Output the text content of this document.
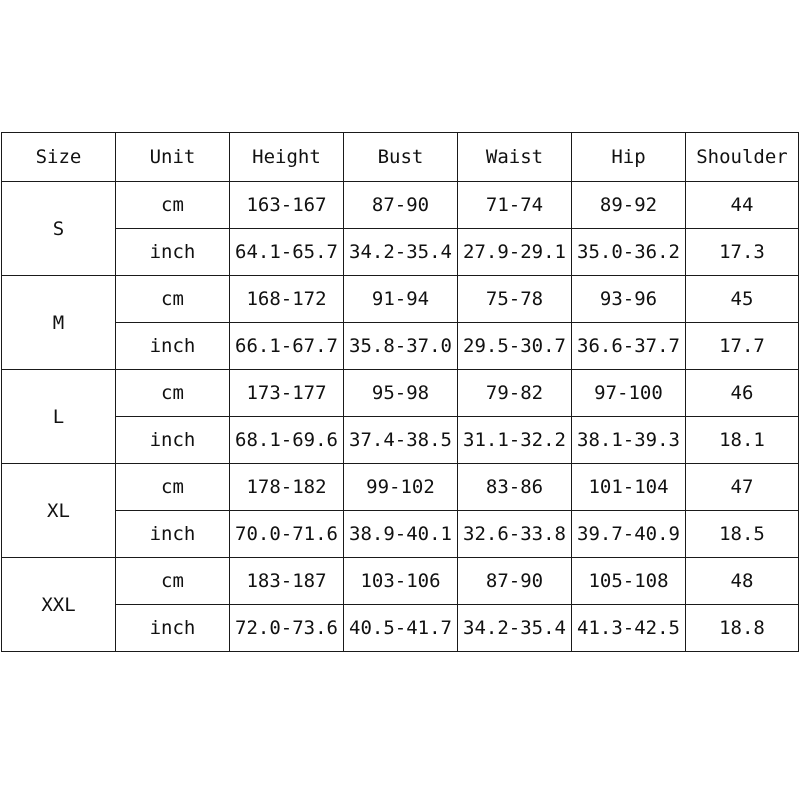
Size	Unit	Height	Bust	Waist	Hip	Shoulder
S	cm	163-167	87-90	71-74	89-92	44
	inch	64.1-65.7	34.2-35.4	27.9-29.1	35.0-36.2	17.3
M	cm	168-172	91-94	75-78	93-96	45
	inch	66.1-67.7	35.8-37.0	29.5-30.7	36.6-37.7	17.7
L	cm	173-177	95-98	79-82	97-100	46
	inch	68.1-69.6	37.4-38.5	31.1-32.2	38.1-39.3	18.1
XL	cm	178-182	99-102	83-86	101-104	47
	inch	70.0-71.6	38.9-40.1	32.6-33.8	39.7-40.9	18.5
XXL	cm	183-187	103-106	87-90	105-108	48
	inch	72.0-73.6	40.5-41.7	34.2-35.4	41.3-42.5	18.8
